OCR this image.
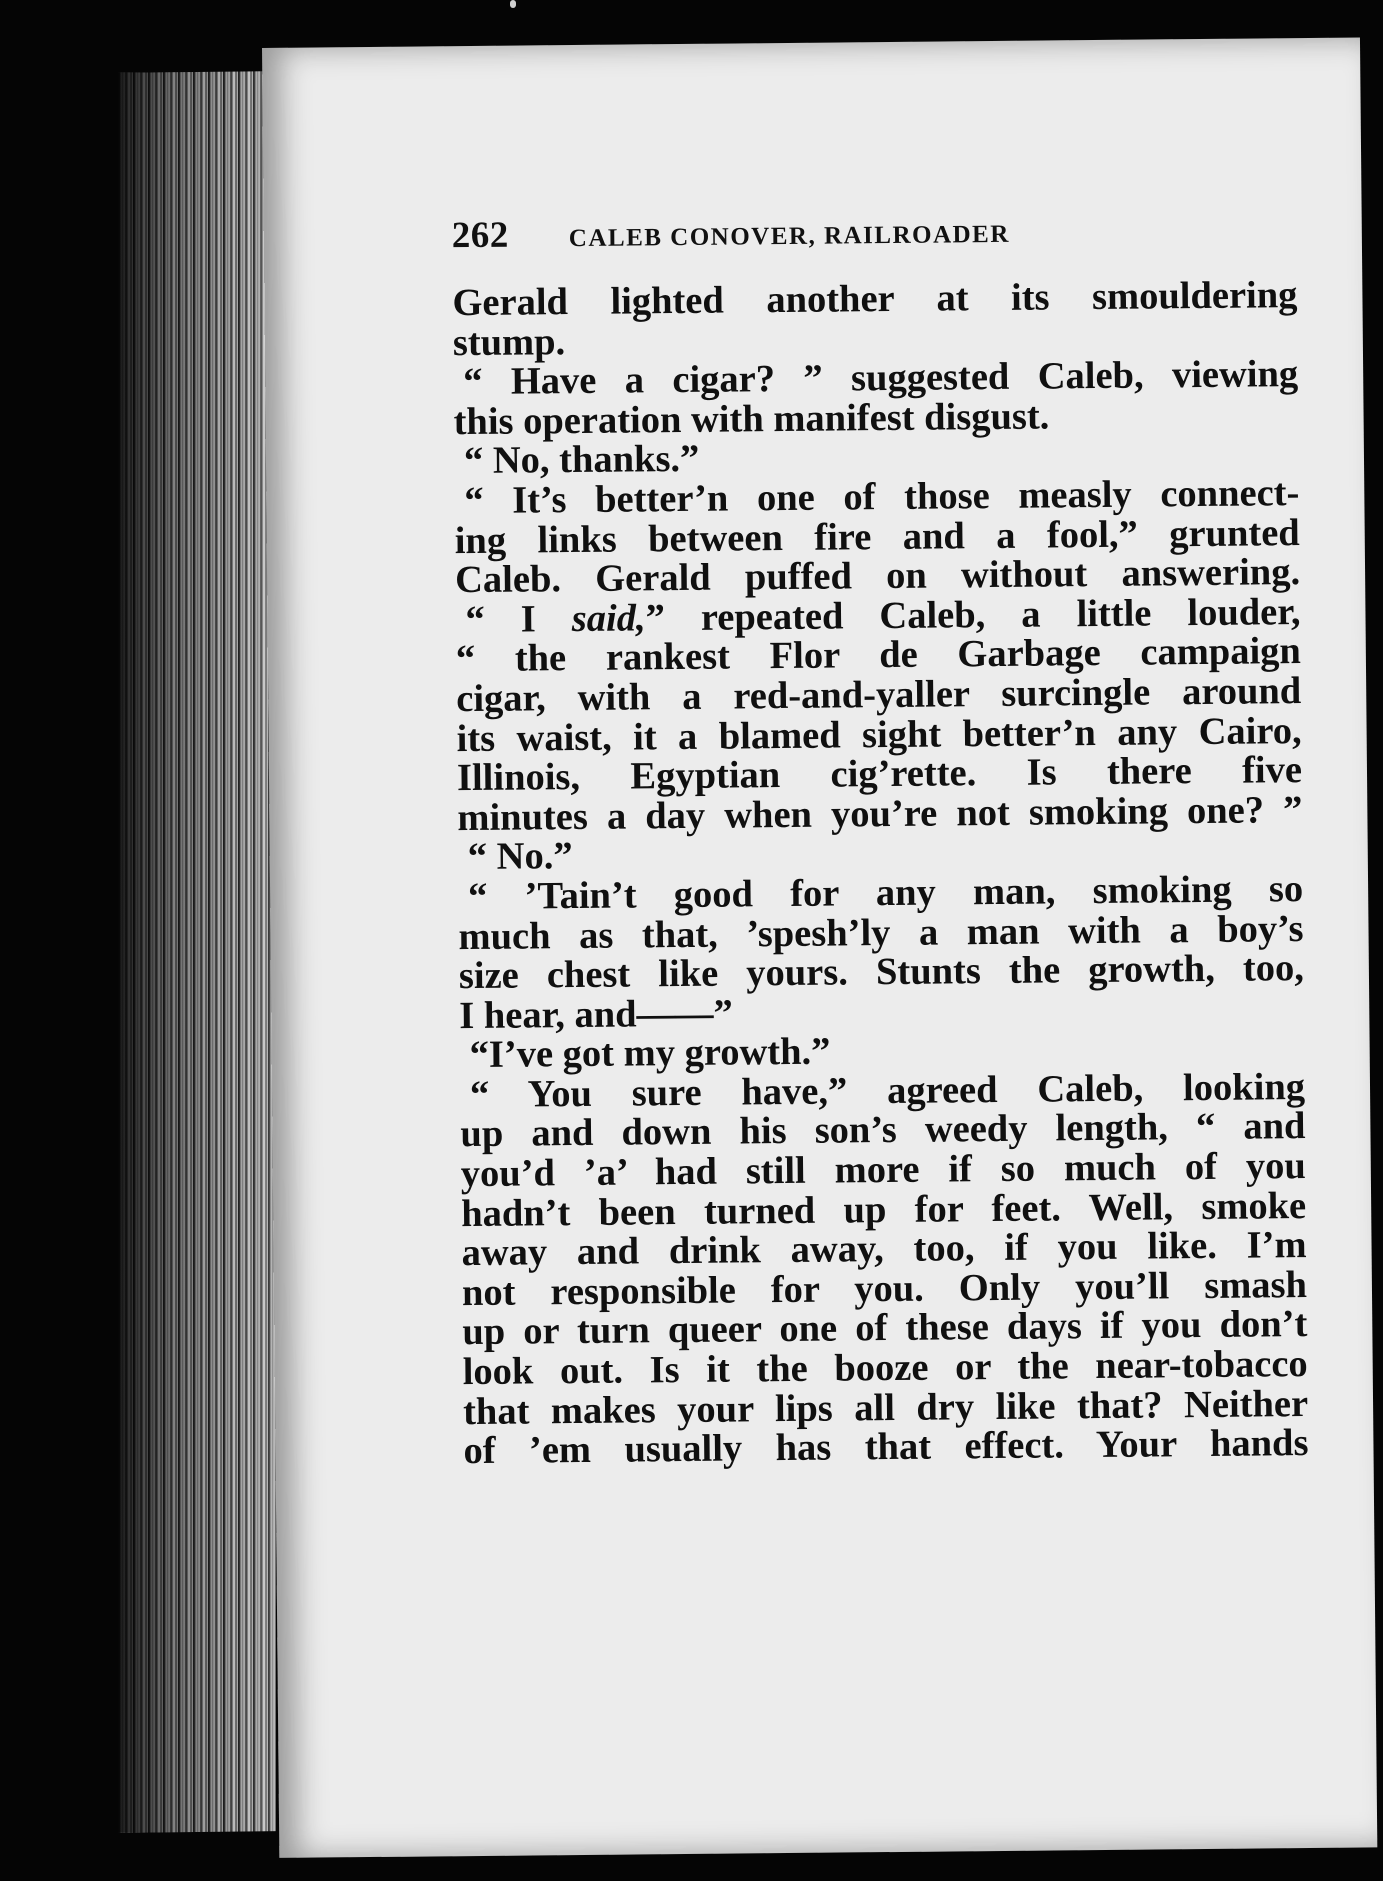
262 CALEB CONOVER, RAILROADER
Gerald lighted another at its smouldering
stump.
“ Have a cigar? ” suggested Caleb, viewing
this operation with manifest disgust.
“ No, thanks.”
“ It’s better’n one of those measly connect-
ing links between fire and a fool,” grunted
Caleb. Gerald puffed on without answering.
“ I said,” repeated Caleb, a little louder,
“ the rankest Flor de Garbage campaign
cigar, with a red-and-yaller surcingle around
its waist, it a blamed sight better’n any Cairo,
Illinois, Egyptian cig’rette. Is there five
minutes a day when you’re not smoking one? ”
“ No.”
“ ’Tain’t good for any man, smoking so
much as that, ’spesh’ly a man with a boy’s
size chest like yours. Stunts the growth, too,
I hear, and——”
“I’ve got my growth.”
“ You sure have,” agreed Caleb, looking
up and down his son’s weedy length, “ and
you’d ’a’ had still more if so much of you
hadn’t been turned up for feet. Well, smoke
away and drink away, too, if you like. I’m
not responsible for you. Only you’ll smash
up or turn queer one of these days if you don’t
look out. Is it the booze or the near-tobacco
that makes your lips all dry like that? Neither
of ’em usually has that effect. Your hands
